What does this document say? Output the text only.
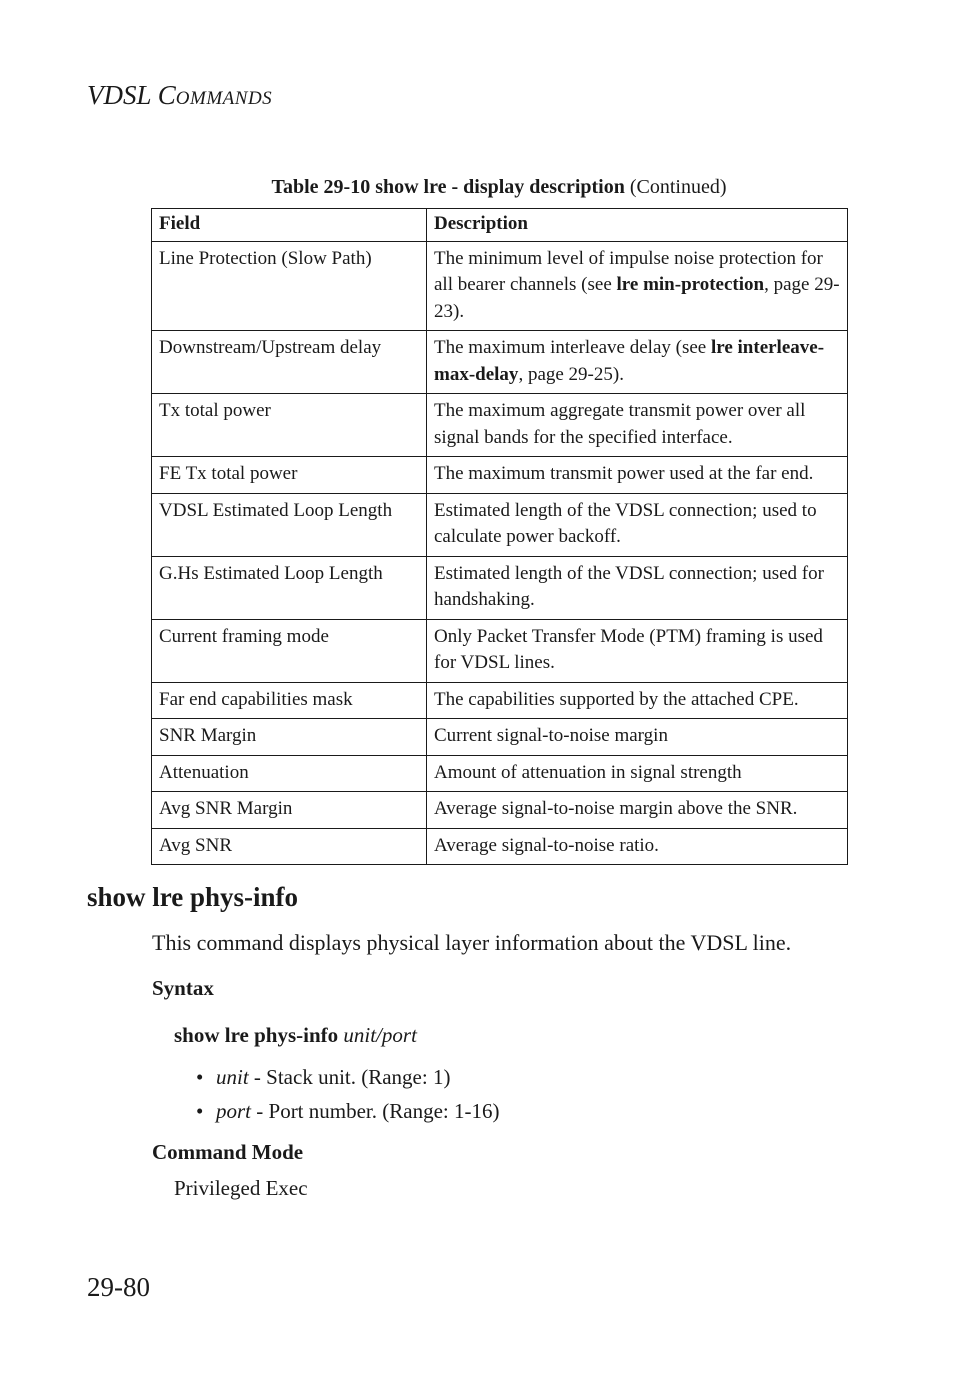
VDSL COMMANDS
Table 29-10 show lre - display description (Continued)
Field	Description
Line Protection (Slow Path)	The minimum level of impulse noise protection for all bearer channels (see lre min-protection, page 29-23).
Downstream/Upstream delay	The maximum interleave delay (see lre interleave-max-delay, page 29-25).
Tx total power	The maximum aggregate transmit power over all signal bands for the specified interface.
FE Tx total power	The maximum transmit power used at the far end.
VDSL Estimated Loop Length	Estimated length of the VDSL connection; used to calculate power backoff.
G.Hs Estimated Loop Length	Estimated length of the VDSL connection; used for handshaking.
Current framing mode	Only Packet Transfer Mode (PTM) framing is used for VDSL lines.
Far end capabilities mask	The capabilities supported by the attached CPE.
SNR Margin	Current signal-to-noise margin
Attenuation	Amount of attenuation in signal strength
Avg SNR Margin	Average signal-to-noise margin above the SNR.
Avg SNR	Average signal-to-noise ratio.
show lre phys-info
This command displays physical layer information about the VDSL line.
Syntax
show lre phys-info unit/port
• unit - Stack unit. (Range: 1)
• port - Port number. (Range: 1-16)
Command Mode
Privileged Exec
29-80
